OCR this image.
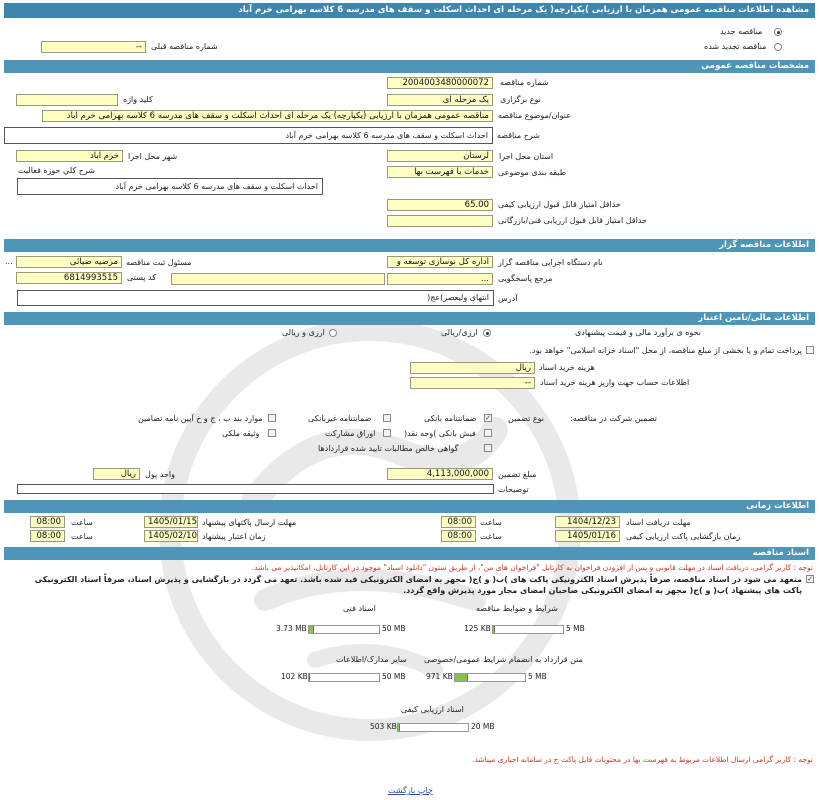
مشاهده اطلاعات مناقصه عمومی همزمان با ارزیابی )یکپارچه( یک مرحله ای احداث اسکلت و سقف های مدرسه 6 کلاسه بهرامی خرم آباد
مناقصه جدید
مناقصه تجدید شده
--	شماره مناقصه قبلی
مشخصات مناقصه عمومی
2004003480000072	شماره مناقصه
یک مرحله ای	نوع برگزاری
کلید واژه
مناقصه عمومی همزمان با ارزیابی (یکپارچه) یک مرحله ای احداث اسکلت و سقف های مدرسه 6 کلاسه بهرامی خرم آباد	عنوان/موضوع مناقصه
احداث اسکلت و سقف های مدرسه 6 کلاسه بهرامی خرم آباد	شرح مناقصه
لرستان	استان محل اجرا
خرم آباد	شهر محل اجرا
خدمات با فهرست بها	طبقه بندی موضوعی
شرح کلي حوزه فعاليت
احداث اسکلت و سقف های مدرسه 6 کلاسه بهرامی خرم آباد
65.00	حداقل امتیاز قابل قبول ارزیابی کیفی
حداقل امتیاز قابل قبول ارزیابی فنی/بازرگانی
اطلاعات مناقصه گزار
اداره کل نوسازی توسعه و	نام دستگاه اجرایی مناقصه گزار
مرضیه ضیائی	مسئول ثبت مناقصه
...
...	مرجع پاسخگویی
6814993515	کد پستی
انتهای ولیعصر)عج(	آدرس
اطلاعات مالی/تامین اعتبار
نحوه ی برآورد مالی و قیمت پیشنهادی
ارزی/ریالی
ارزی و ریالی
پرداخت تمام و یا بخشی از مبلغ مناقصه، از محل "اسناد خزانه اسلامی" خواهد بود.
ریال	هزینه خرید اسناد
--	اطلاعات حساب جهت واریز هزینه خرید اسناد
تضمین شرکت در مناقصه:
نوع تضمین
✓
ضمانتنامه بانکی
ضمانتنامه غیربانکی
موارد بند ب ، ج و خ آیین نامه تضامین
فیش بانکی )وجه نقد(
اوراق مشارکت
وثیقه ملکی
گواهی خالص مطالبات تایید شده قراردادها
4,113,000,000	مبلغ تضمین
ریال	واحد پول
توضیحات
اطلاعات زمانی
1404/12/23	مهلت دریافت اسناد
08:00	ساعت
1405/01/15 مهلت ارسال پاکتهای پیشنهاد
08:00	ساعت
1405/01/16	زمان بازگشایی پاکت ارزیابی کیفی
08:00	ساعت
1405/02/10 زمان اعتبار پیشنهاد
08:00	ساعت
اسناد مناقصه
توجه : کاربر گرامی، دریافت اسناد در مهلت قانونی و پس از افزودن فراخوان به کارتابل "فراخوان های من"، از طریق ستون "دانلود اسناد" موجود در این کارتابل، امکانپذیر می باشد.
✓
منعهد می شود در اسناد مناقصه، صرفاً پذیرش اسناد الکترونیکی پاکت های )ب( و )ج( مجهز به امضای الکترونیکی قید شده باشد. تعهد می گردد در بازگشایی و پذیرش اسناد، صرفاً اسناد الکترونیکی پاکت های پیشنهاد )ب( و )ج( مجهز به امضای الکترونیکی صاحبان امضای مجاز مورد پذیرش واقع گردد.
شرایط و ضوابط مناقصه
5 MB
125 KB
اسناد فنی
50 MB
3.73 MB
متن قرارداد به انضمام شرایط عمومی/خصوصی
5 MB
971 KB
سایر مدارک/اطلاعات
50 MB
102 KB
اسناد ارزیابی کیفی
20 MB
503 KB
توجه : کاربر گرامی ارسال اطلاعات مربوط به فهرست بها در محتویات فایل پاکت ج در سامانه اجباری میباشد.
چاپ بازگشت
